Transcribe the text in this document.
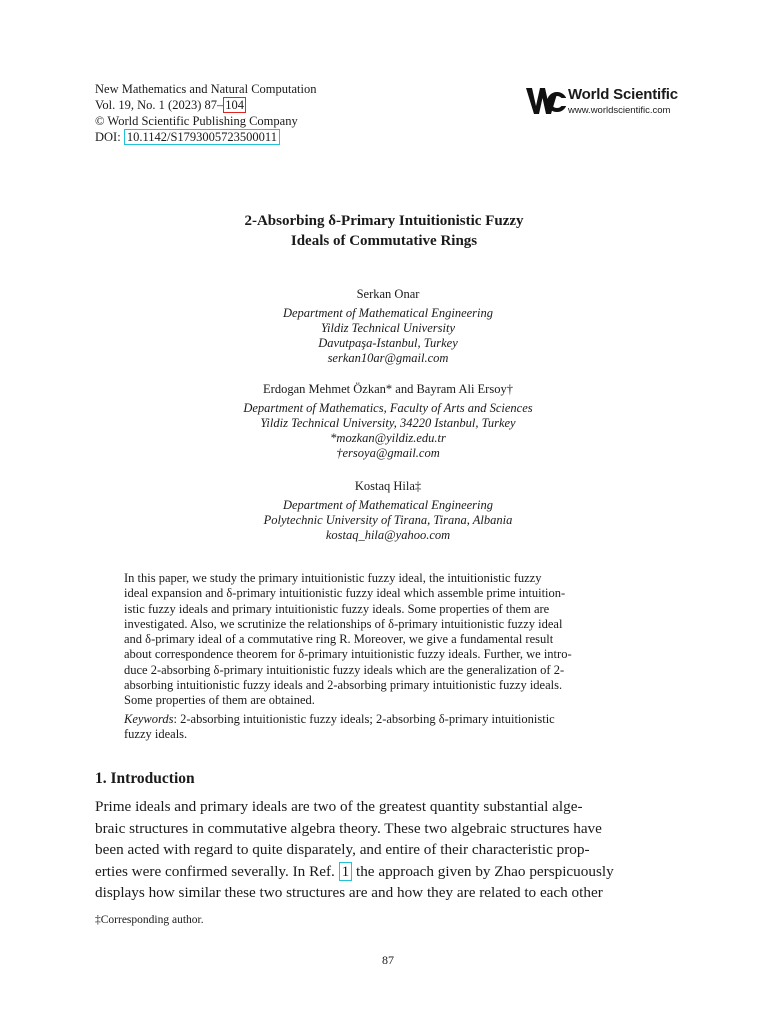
New Mathematics and Natural Computation
Vol. 19, No. 1 (2023) 87– 104
© World Scientific Publishing Company
DOI: 10.1142/S1793005723500011
World Scientific
www.worldscientific.com
2-Absorbing δ-Primary Intuitionistic Fuzzy
Ideals of Commutative Rings
Serkan Onar
Department of Mathematical Engineering
Yildiz Technical University
Davutpaşa-Istanbul, Turkey
serkan10ar@gmail.com
Erdogan Mehmet Özkan* and Bayram Ali Ersoy†
Department of Mathematics, Faculty of Arts and Sciences
Yildiz Technical University, 34220 Istanbul, Turkey
*mozkan@yildiz.edu.tr
†ersoya@gmail.com
Kostaq Hila‡
Department of Mathematical Engineering
Polytechnic University of Tirana, Tirana, Albania
kostaq_hila@yahoo.com
In this paper, we study the primary intuitionistic fuzzy ideal, the intuitionistic fuzzy
ideal expansion and δ-primary intuitionistic fuzzy ideal which assemble prime intuition-
istic fuzzy ideals and primary intuitionistic fuzzy ideals. Some properties of them are
investigated. Also, we scrutinize the relationships of δ-primary intuitionistic fuzzy ideal
and δ-primary ideal of a commutative ring R. Moreover, we give a fundamental result
about correspondence theorem for δ-primary intuitionistic fuzzy ideals. Further, we intro-
duce 2-absorbing δ-primary intuitionistic fuzzy ideals which are the generalization of 2-
absorbing intuitionistic fuzzy ideals and 2-absorbing primary intuitionistic fuzzy ideals.
Some properties of them are obtained.
Keywords: 2-absorbing intuitionistic fuzzy ideals; 2-absorbing δ-primary intuitionistic
fuzzy ideals.
1. Introduction
Prime ideals and primary ideals are two of the greatest quantity substantial alge-
braic structures in commutative algebra theory. These two algebraic structures have
been acted with regard to quite disparately, and entire of their characteristic prop-
erties were confirmed severally. In Ref. 1 the approach given by Zhao perspicuously
displays how similar these two structures are and how they are related to each other
‡Corresponding author.
87
